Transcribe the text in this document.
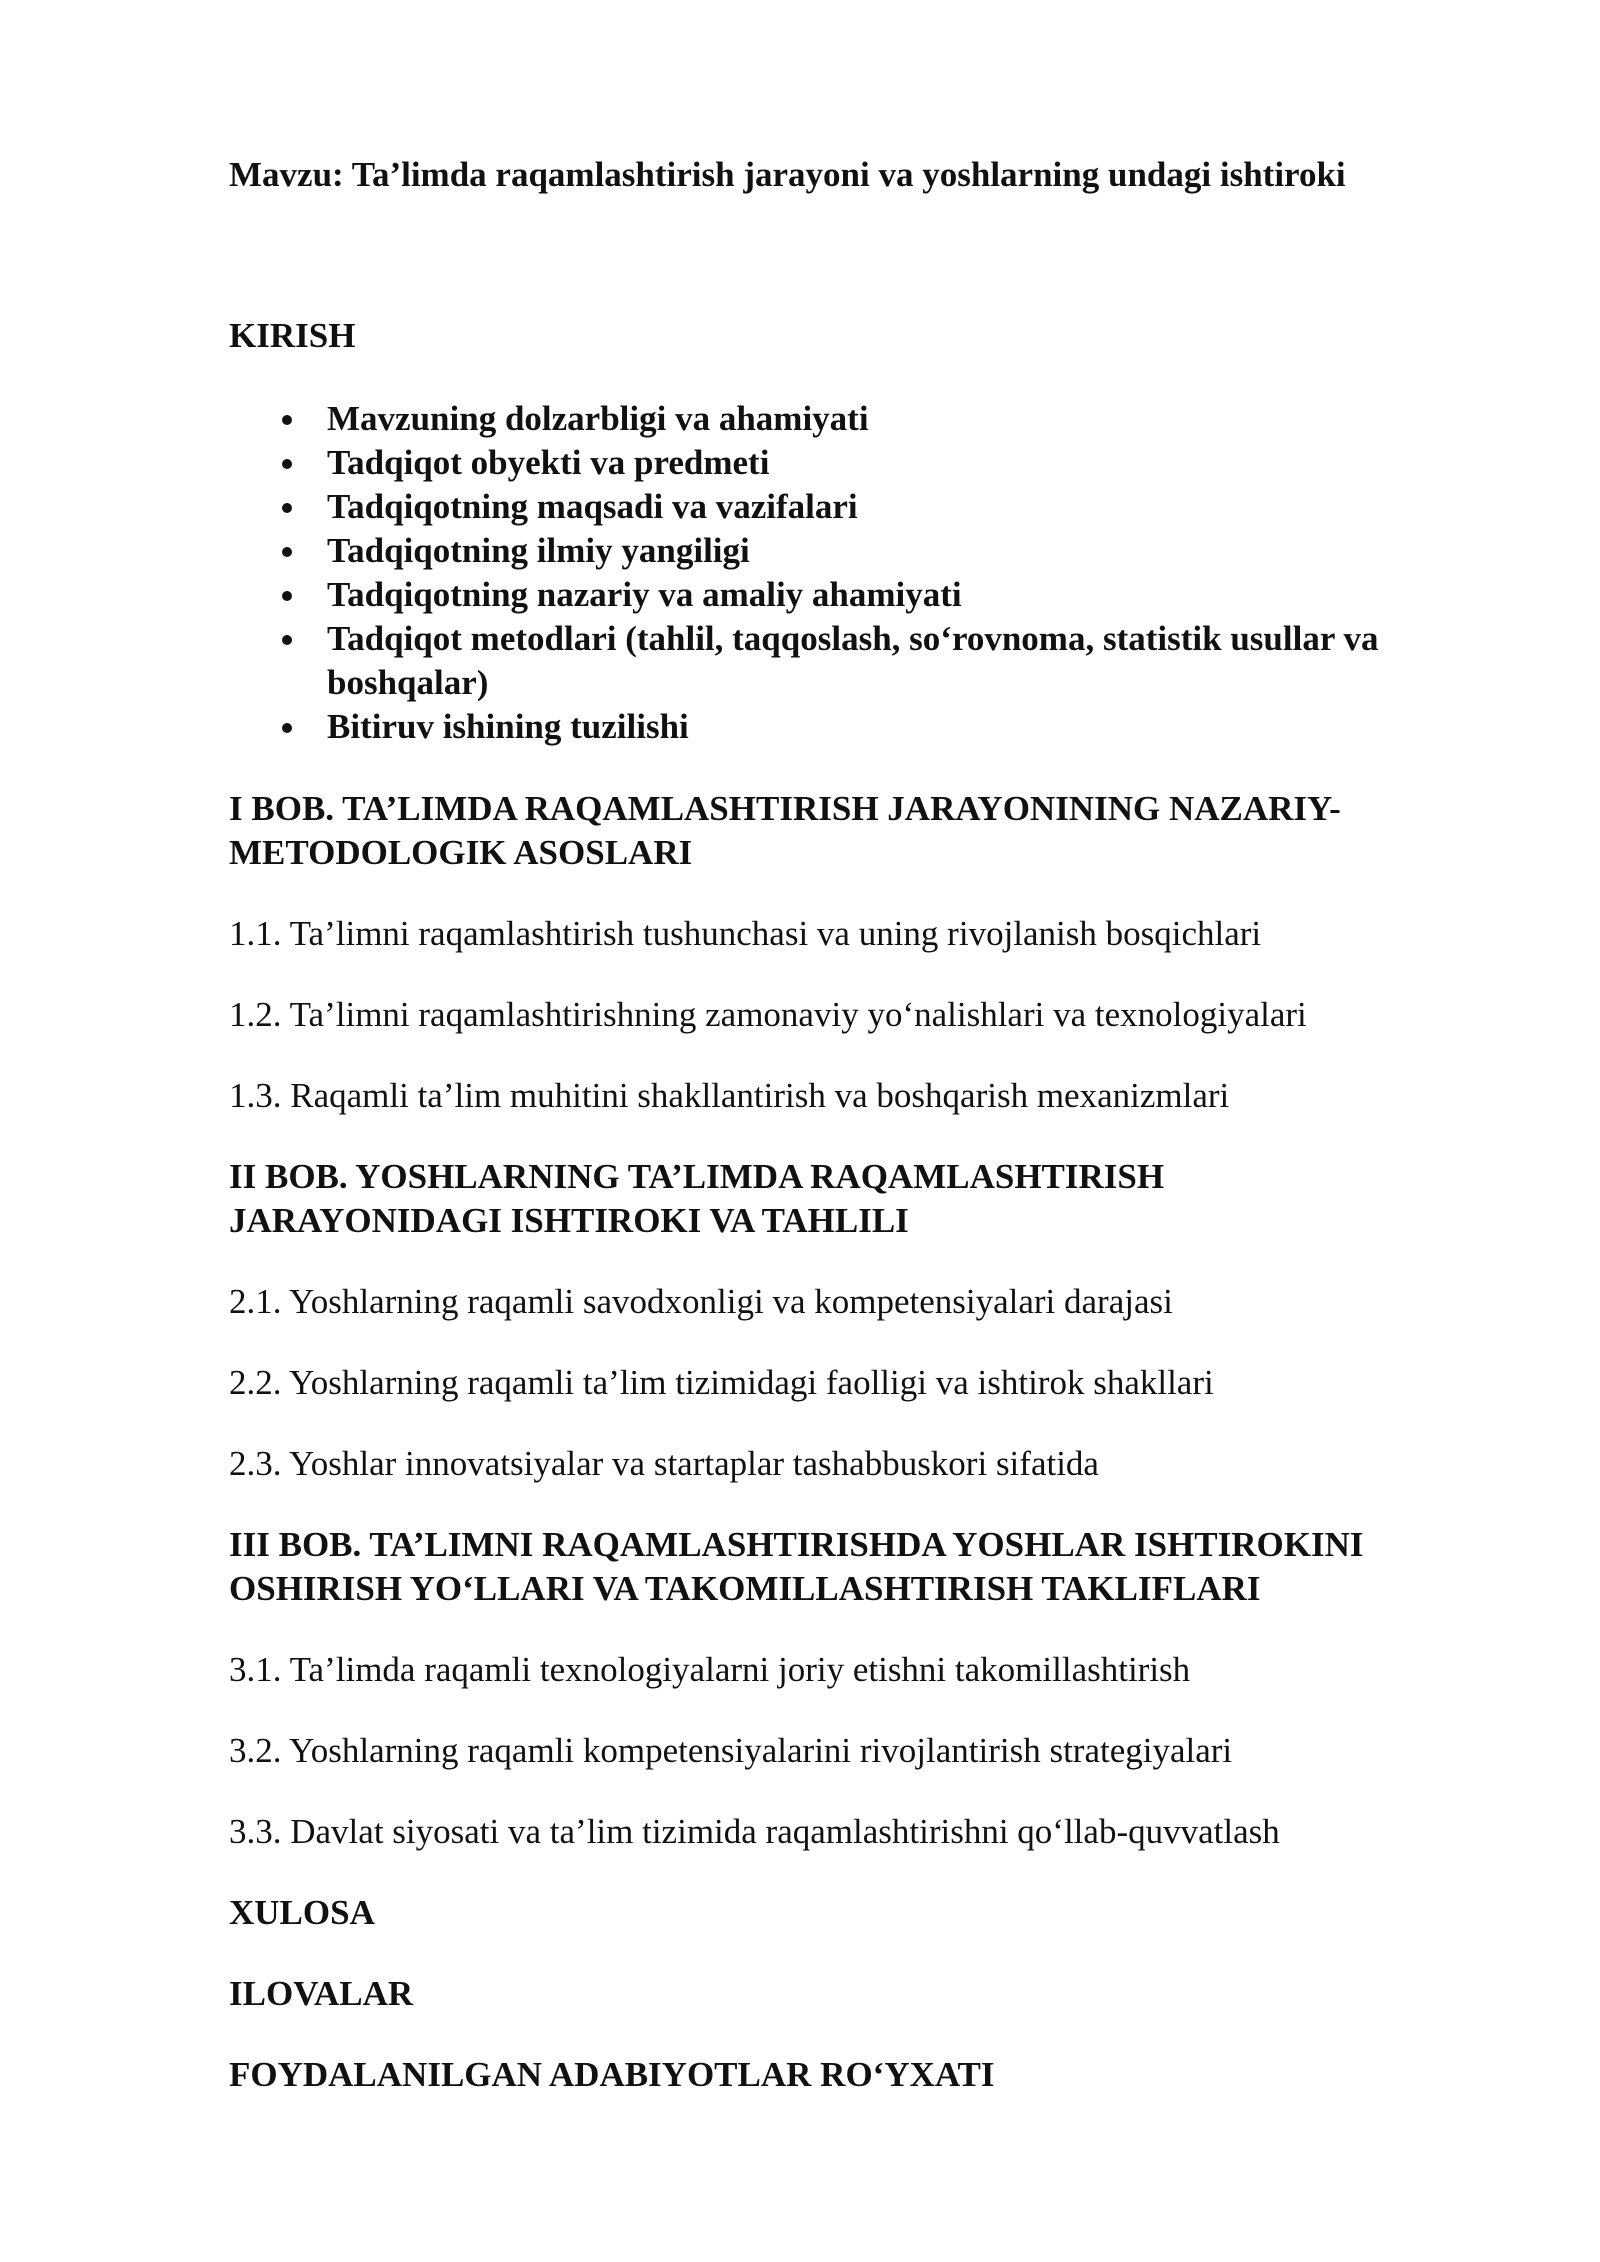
Mavzu: Ta’limda raqamlashtirish jarayoni va yoshlarning undagi ishtiroki

KIRISH

Mavzuning dolzarbligi va ahamiyati
Tadqiqot obyekti va predmeti
Tadqiqotning maqsadi va vazifalari
Tadqiqotning ilmiy yangiligi
Tadqiqotning nazariy va amaliy ahamiyati
Tadqiqot metodlari (tahlil, taqqoslash, so‘rovnoma, statistik usullar va
boshqalar)
Bitiruv ishining tuzilishi

I BOB. TA’LIMDA RAQAMLASHTIRISH JARAYONINING NAZARIY-

METODOLOGIK ASOSLARI

1.1. Ta’limni raqamlashtirish tushunchasi va uning rivojlanish bosqichlari

1.2. Ta’limni raqamlashtirishning zamonaviy yo‘nalishlari va texnologiyalari

1.3. Raqamli ta’lim muhitini shakllantirish va boshqarish mexanizmlari

II BOB. YOSHLARNING TA’LIMDA RAQAMLASHTIRISH

JARAYONIDAGI ISHTIROKI VA TAHLILI

2.1. Yoshlarning raqamli savodxonligi va kompetensiyalari darajasi

2.2. Yoshlarning raqamli ta’lim tizimidagi faolligi va ishtirok shakllari

2.3. Yoshlar innovatsiyalar va startaplar tashabbuskori sifatida

III BOB. TA’LIMNI RAQAMLASHTIRISHDA YOSHLAR ISHTIROKINI

OSHIRISH YO‘LLARI VA TAKOMILLASHTIRISH TAKLIFLARI

3.1. Ta’limda raqamli texnologiyalarni joriy etishni takomillashtirish

3.2. Yoshlarning raqamli kompetensiyalarini rivojlantirish strategiyalari

3.3. Davlat siyosati va ta’lim tizimida raqamlashtirishni qo‘llab-quvvatlash

XULOSA

ILOVALAR

FOYDALANILGAN ADABIYOTLAR RO‘YXATI
